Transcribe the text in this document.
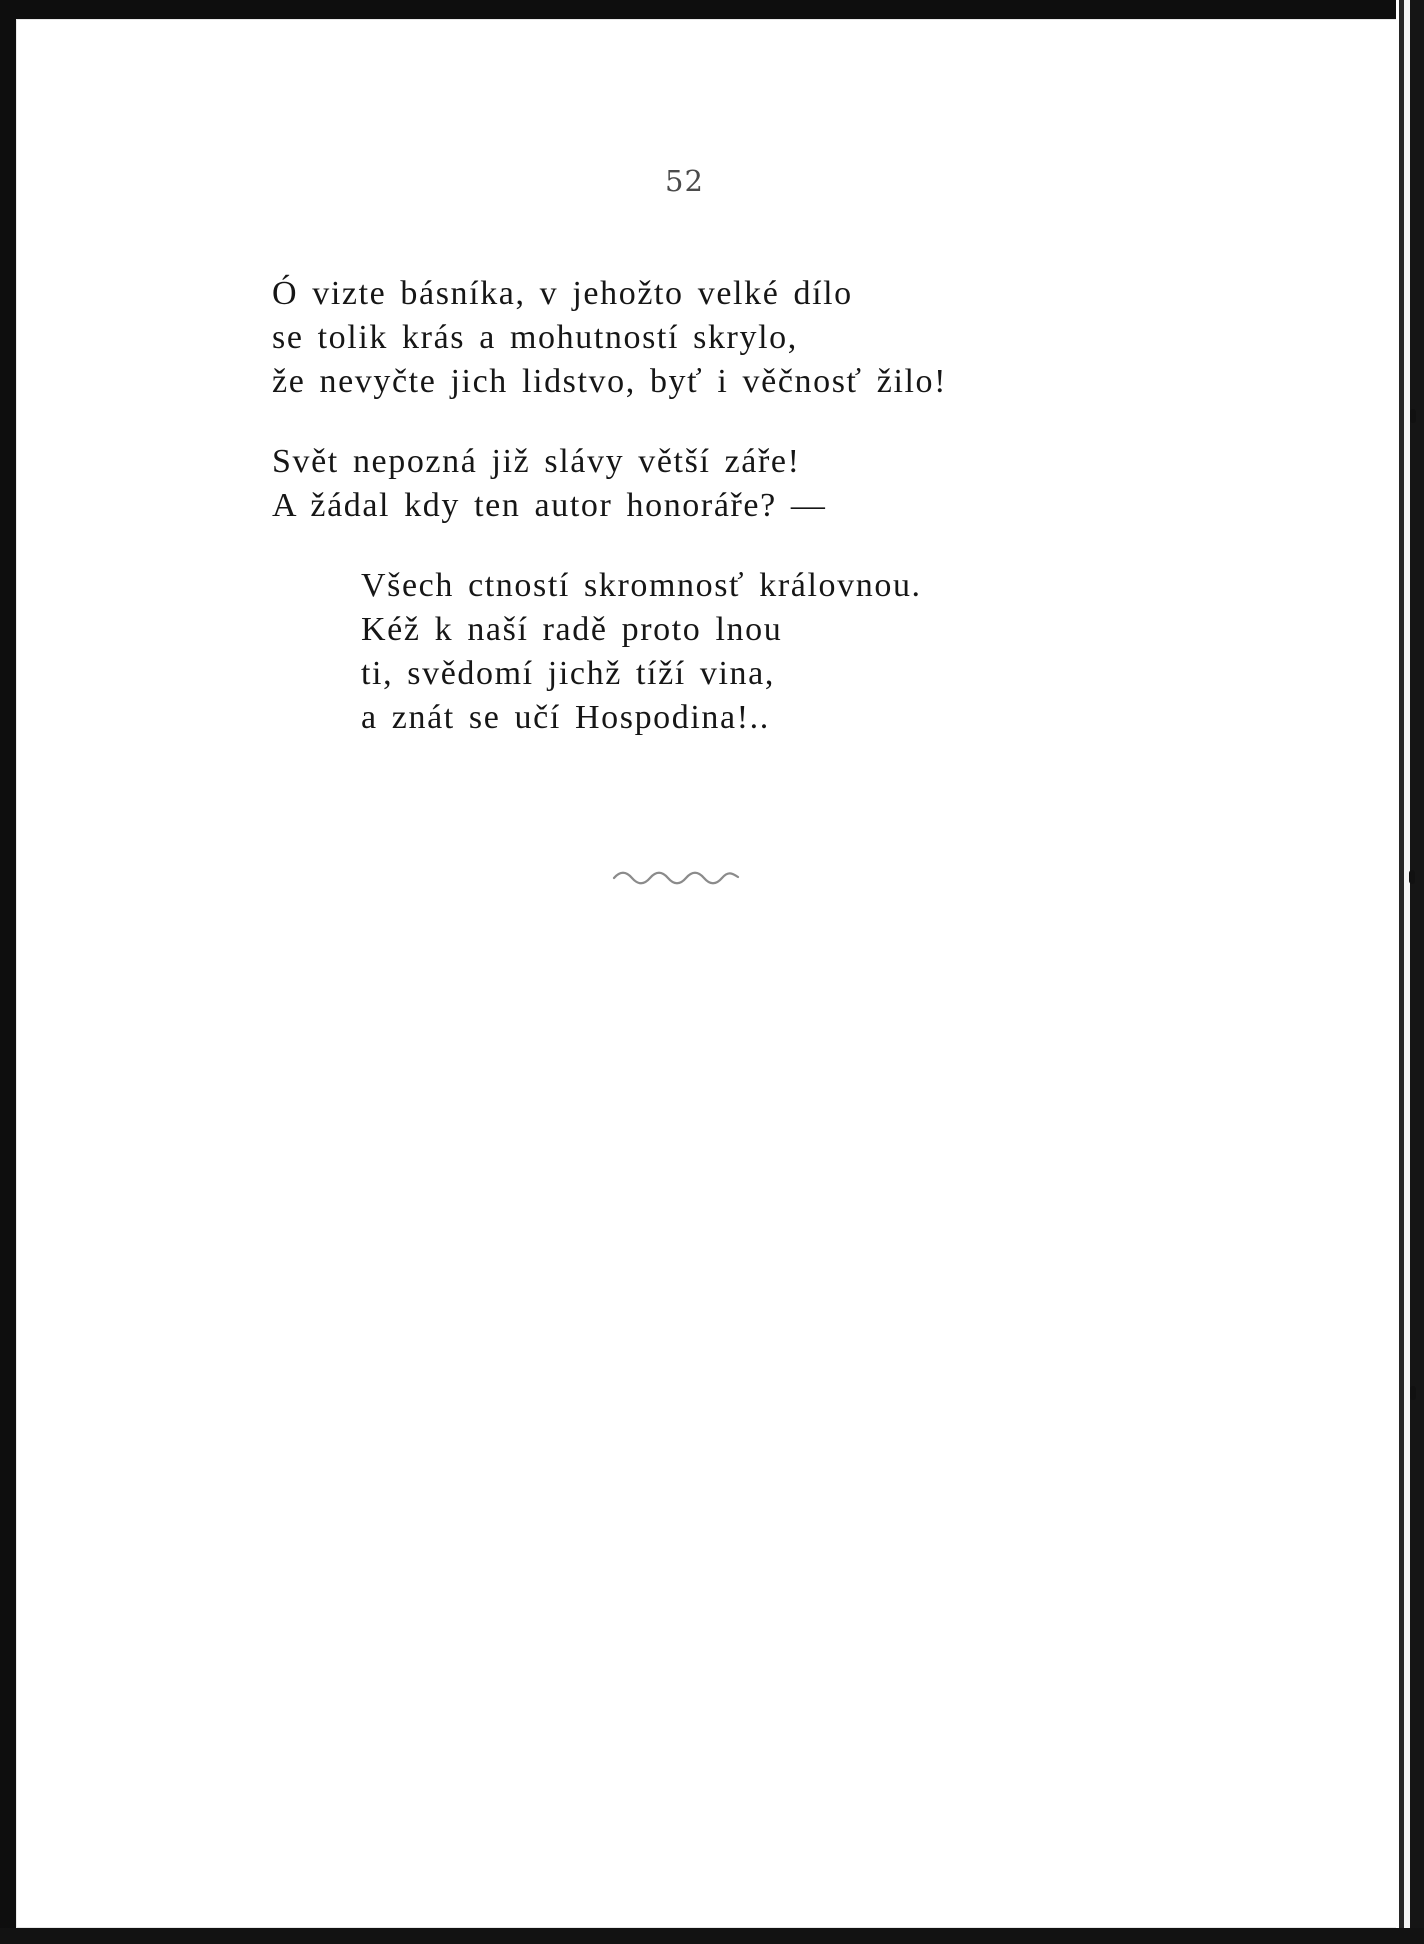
52
Ó vizte básníka, v jehožto velké dílo
se tolik krás a mohutností skrylo,
že nevyčte jich lidstvo, byť i věčnosť žilo!
Svět nepozná již slávy větší záře!
A žádal kdy ten autor honoráře? —
Všech ctností skromnosť královnou.
Kéž k naší radě proto lnou
ti, svědomí jichž tíží vina,
a znát se učí Hospodina!..
